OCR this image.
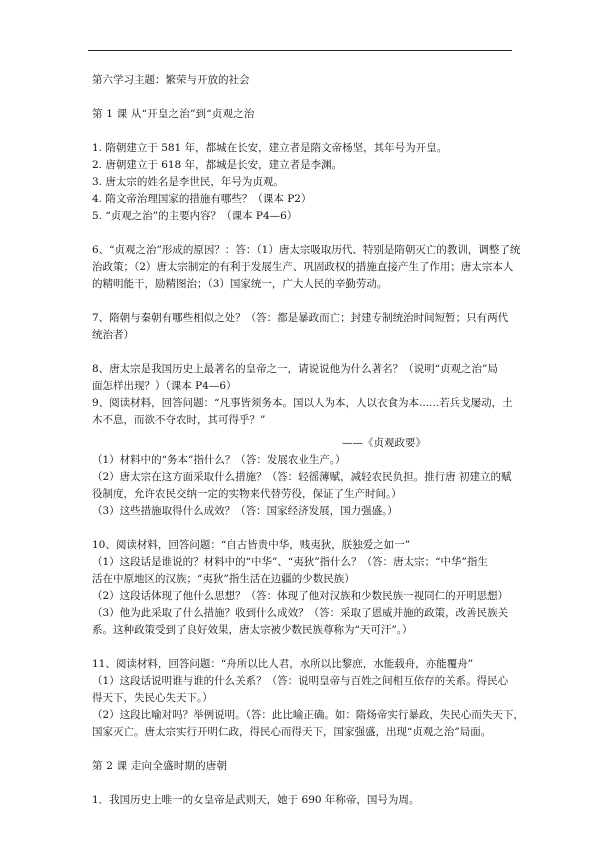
第六学习主题：繁荣与开放的社会

第 1 课 从“开皇之治”到“贞观之治

1. 隋朝建立于 581 年，都城在长安，建立者是隋文帝杨坚，其年号为开皇。

2. 唐朝建立于 618 年，都城是长安，建立者是李渊。

3. 唐太宗的姓名是李世民，年号为贞观。

4. 隋文帝治理国家的措施有哪些？（课本 P2）

5. “贞观之治”的主要内容？（课本 P4—6）

6、“贞观之治”形成的原因？：答：（1）唐太宗吸取历代、特别是隋朝灭亡的教训，调整了统

治政策；（2）唐太宗制定的有利于发展生产、巩固政权的措施直接产生了作用；唐太宗本人

的精明能干，励精图治；（3）国家统一，广大人民的辛勤劳动。

7、隋朝与秦朝有哪些相似之处？（答：都是暴政而亡；封建专制统治时间短暂；只有两代

统治者）

8、唐太宗是我国历史上最著名的皇帝之一，请说说他为什么著名？（说明“贞观之治”局

面怎样出现？）（课本 P4—6）

9、阅读材料，回答问题：“凡事皆须务本。国以人为本，人以衣食为本......若兵戈屡动，土

木不息，而欲不夺农时，其可得乎？”

——《贞观政要》

（1）材料中的“务本”指什么？（答：发展农业生产。）

（2）唐太宗在这方面采取什么措施？（答：轻徭薄赋，减轻农民负担。推行唐 初建立的赋

役制度，允许农民交纳一定的实物来代替劳役，保证了生产时间。）

（3）这些措施取得什么成效？（答：国家经济发展，国力强盛。）

10、阅读材料，回答问题：“自古皆贵中华，贱夷狄，朕独爱之如一”

（1）这段话是谁说的？材料中的“中华”、“夷狄”指什么？（答：唐太宗；“中华”指生

活在中原地区的汉族；“夷狄”指生活在边疆的少数民族）

（2）这段话体现了他什么思想？（答：体现了他对汉族和少数民族一视同仁的开明思想）

（3）他为此采取了什么措施？收到什么成效？（答：采取了恩威并施的政策，改善民族关

系。这种政策受到了良好效果，唐太宗被少数民族尊称为“天可汗”。）

11、阅读材料，回答问题：“舟所以比人君，水所以比黎庶，水能载舟，亦能覆舟”

（1）这段话说明谁与谁的什么关系？（答：说明皇帝与百姓之间相互依存的关系。得民心

得天下，失民心失天下。）

（2）这段比喻对吗？举例说明。（答：此比喻正确。如：隋炀帝实行暴政，失民心而失天下，

国家灭亡。唐太宗实行开明仁政，得民心而得天下，国家强盛，出现“贞观之治”局面。

第 2 课 走向全盛时期的唐朝

1．我国历史上唯一的女皇帝是武则天，她于 690 年称帝，国号为周。
